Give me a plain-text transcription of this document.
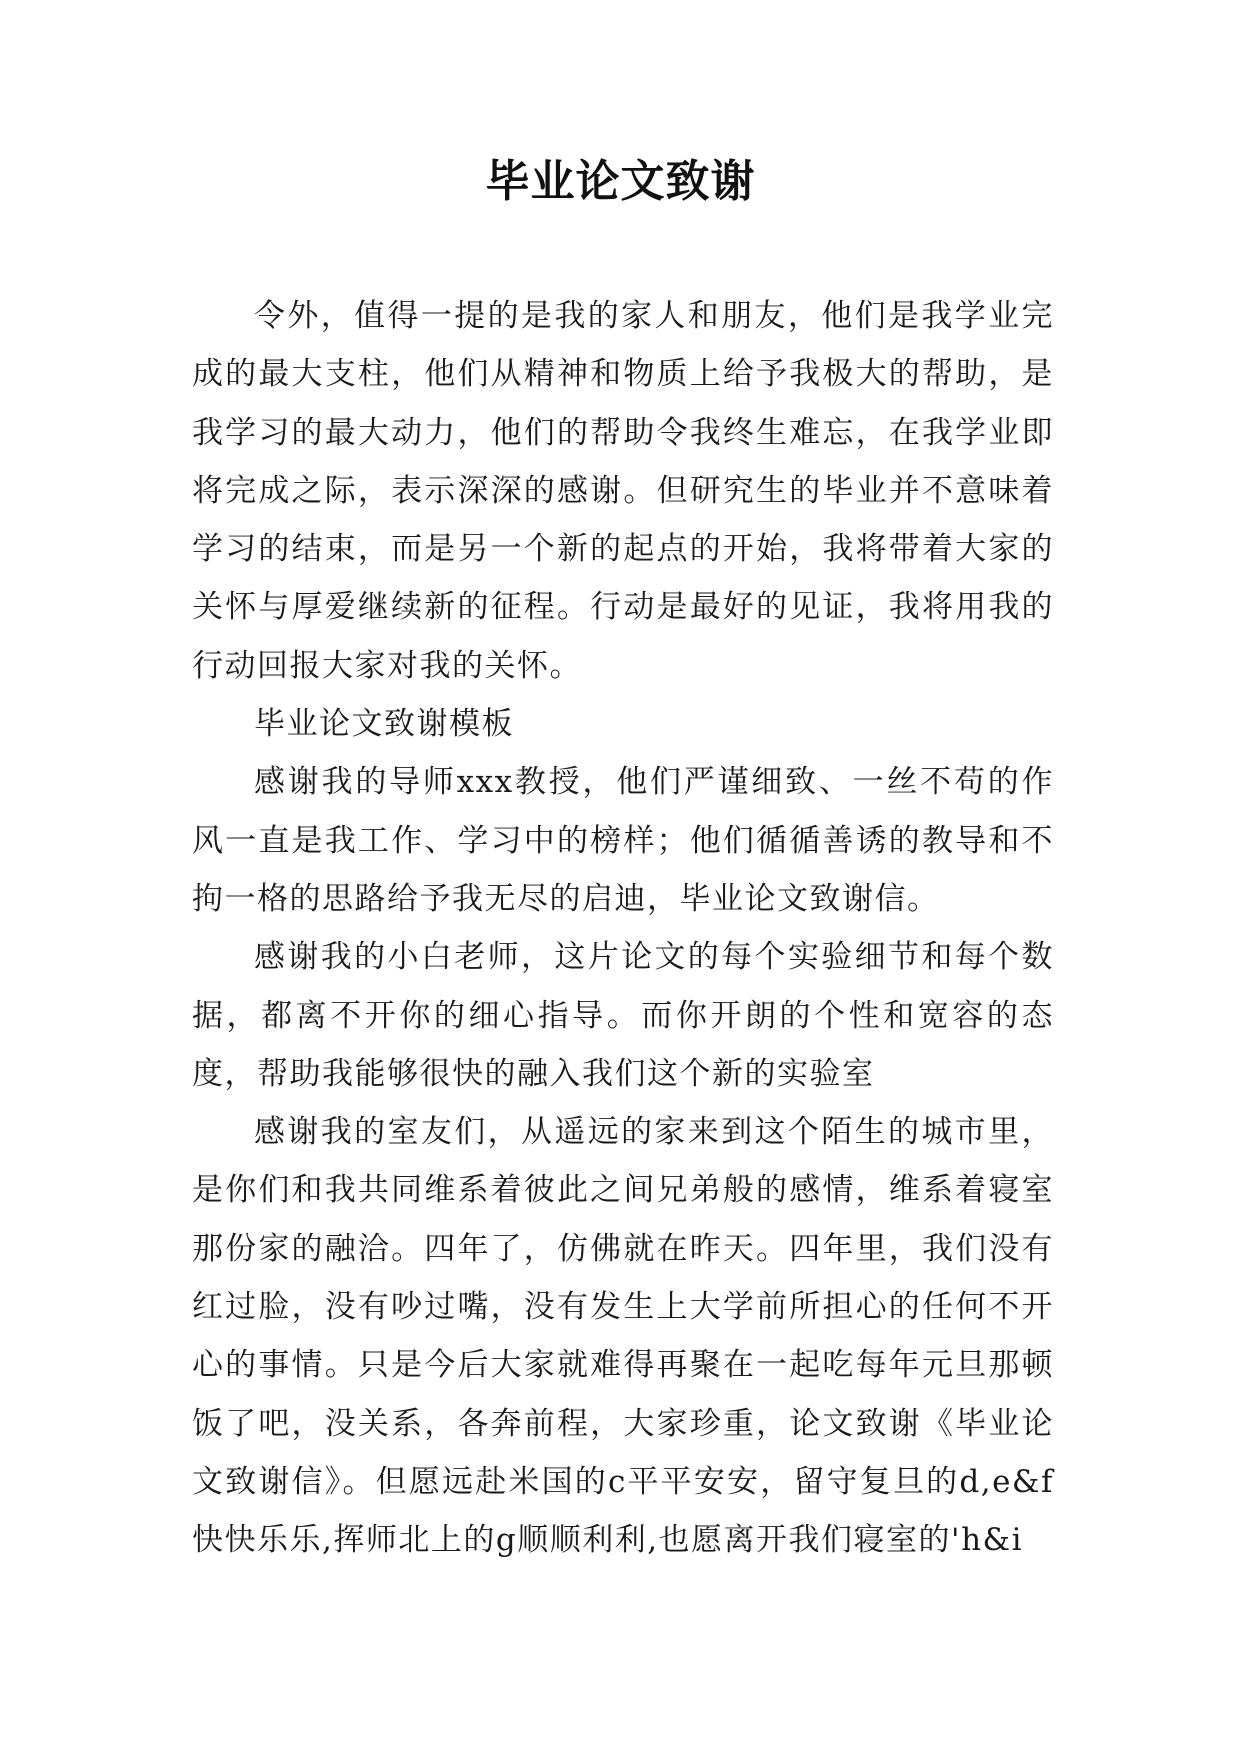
毕业论文致谢

令外，值得一提的是我的家人和朋友，他们是我学业完成的最大支柱，他们从精神和物质上给予我极大的帮助，是我学习的最大动力，他们的帮助令我终生难忘，在我学业即将完成之际，表示深深的感谢。但研究生的毕业并不意味着学习的结束，而是另一个新的起点的开始，我将带着大家的关怀与厚爱继续新的征程。行动是最好的见证，我将用我的行动回报大家对我的关怀。

毕业论文致谢模板

感谢我的导师xxx教授，他们严谨细致、一丝不苟的作风一直是我工作、学习中的榜样；他们循循善诱的教导和不拘一格的思路给予我无尽的启迪，毕业论文致谢信。

感谢我的小白老师，这片论文的每个实验细节和每个数据，都离不开你的细心指导。而你开朗的个性和宽容的态度，帮助我能够很快的融入我们这个新的实验室

感谢我的室友们，从遥远的家来到这个陌生的城市里，是你们和我共同维系着彼此之间兄弟般的感情，维系着寝室那份家的融洽。四年了，仿佛就在昨天。四年里，我们没有红过脸，没有吵过嘴，没有发生上大学前所担心的任何不开心的事情。只是今后大家就难得再聚在一起吃每年元旦那顿饭了吧，没关系，各奔前程，大家珍重，论文致谢《毕业论文致谢信》。但愿远赴米国的c平平安安，留守复旦的d,e&f快快乐乐,挥师北上的g顺顺利利,也愿离开我们寝室的'h&i
